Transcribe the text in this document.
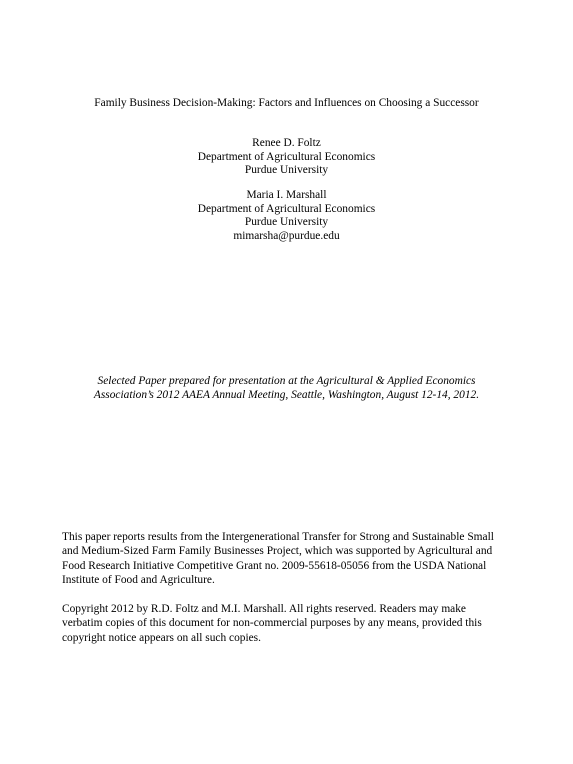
Family Business Decision-Making: Factors and Influences on Choosing a Successor
Renee D. Foltz
Department of Agricultural Economics
Purdue University
Maria I. Marshall
Department of Agricultural Economics
Purdue University
mimarsha@purdue.edu
Selected Paper prepared for presentation at the Agricultural & Applied Economics
Association’s 2012 AAEA Annual Meeting, Seattle, Washington, August 12-14, 2012.
This paper reports results from the Intergenerational Transfer for Strong and Sustainable Small
and Medium-Sized Farm Family Businesses Project, which was supported by Agricultural and
Food Research Initiative Competitive Grant no. 2009-55618-05056 from the USDA National
Institute of Food and Agriculture.
Copyright 2012 by R.D. Foltz and M.I. Marshall. All rights reserved. Readers may make
verbatim copies of this document for non-commercial purposes by any means, provided this
copyright notice appears on all such copies.
